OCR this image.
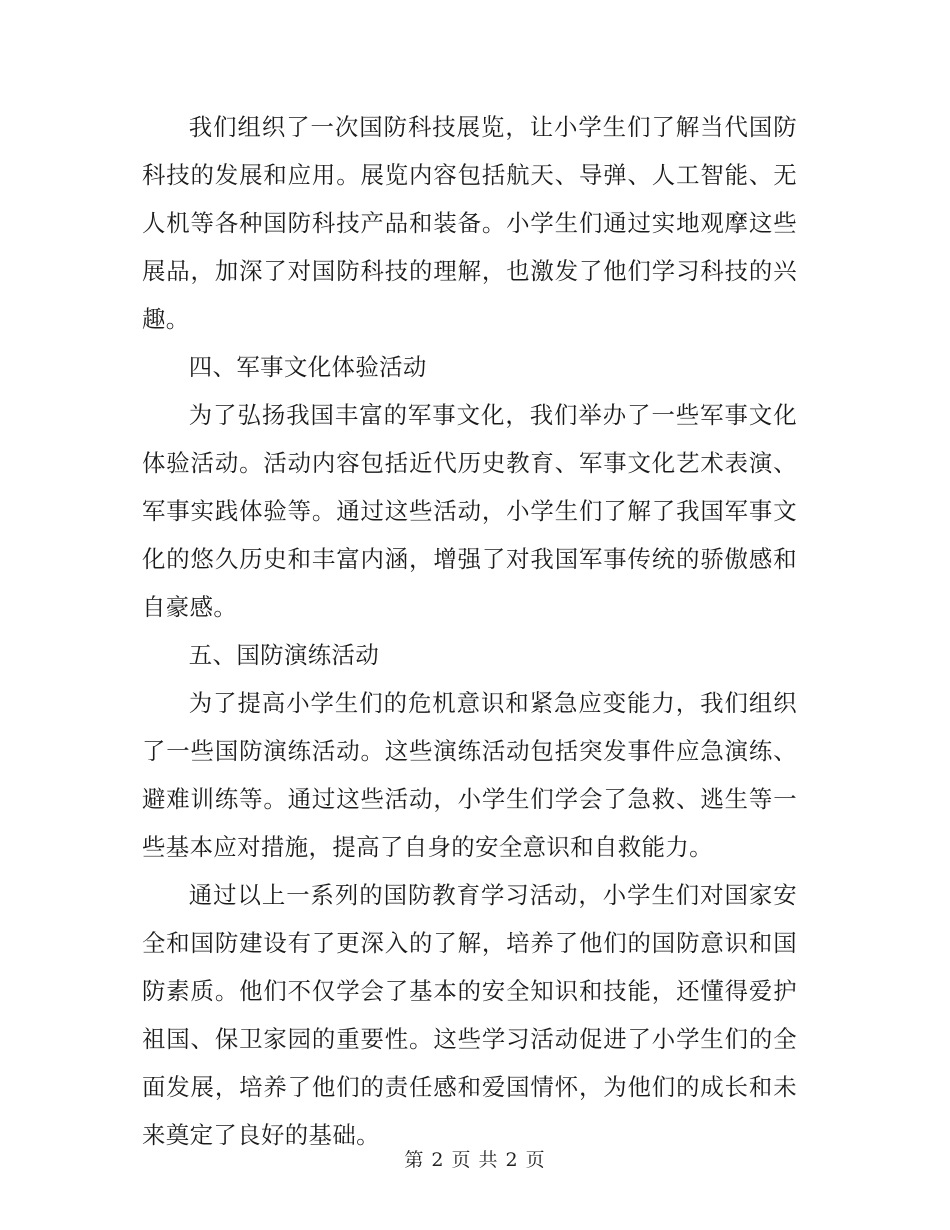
我们组织了一次国防科技展览，让小学生们了解当代国防科技的发展和应用。展览内容包括航天、导弹、人工智能、无人机等各种国防科技产品和装备。小学生们通过实地观摩这些展品，加深了对国防科技的理解，也激发了他们学习科技的兴趣。

四、军事文化体验活动

为了弘扬我国丰富的军事文化，我们举办了一些军事文化体验活动。活动内容包括近代历史教育、军事文化艺术表演、军事实践体验等。通过这些活动，小学生们了解了我国军事文化的悠久历史和丰富内涵，增强了对我国军事传统的骄傲感和自豪感。

五、国防演练活动

为了提高小学生们的危机意识和紧急应变能力，我们组织了一些国防演练活动。这些演练活动包括突发事件应急演练、避难训练等。通过这些活动，小学生们学会了急救、逃生等一些基本应对措施，提高了自身的安全意识和自救能力。

通过以上一系列的国防教育学习活动，小学生们对国家安全和国防建设有了更深入的了解，培养了他们的国防意识和国防素质。他们不仅学会了基本的安全知识和技能，还懂得爱护祖国、保卫家园的重要性。这些学习活动促进了小学生们的全面发展，培养了他们的责任感和爱国情怀，为他们的成长和未来奠定了良好的基础。

第 2 页 共 2 页
